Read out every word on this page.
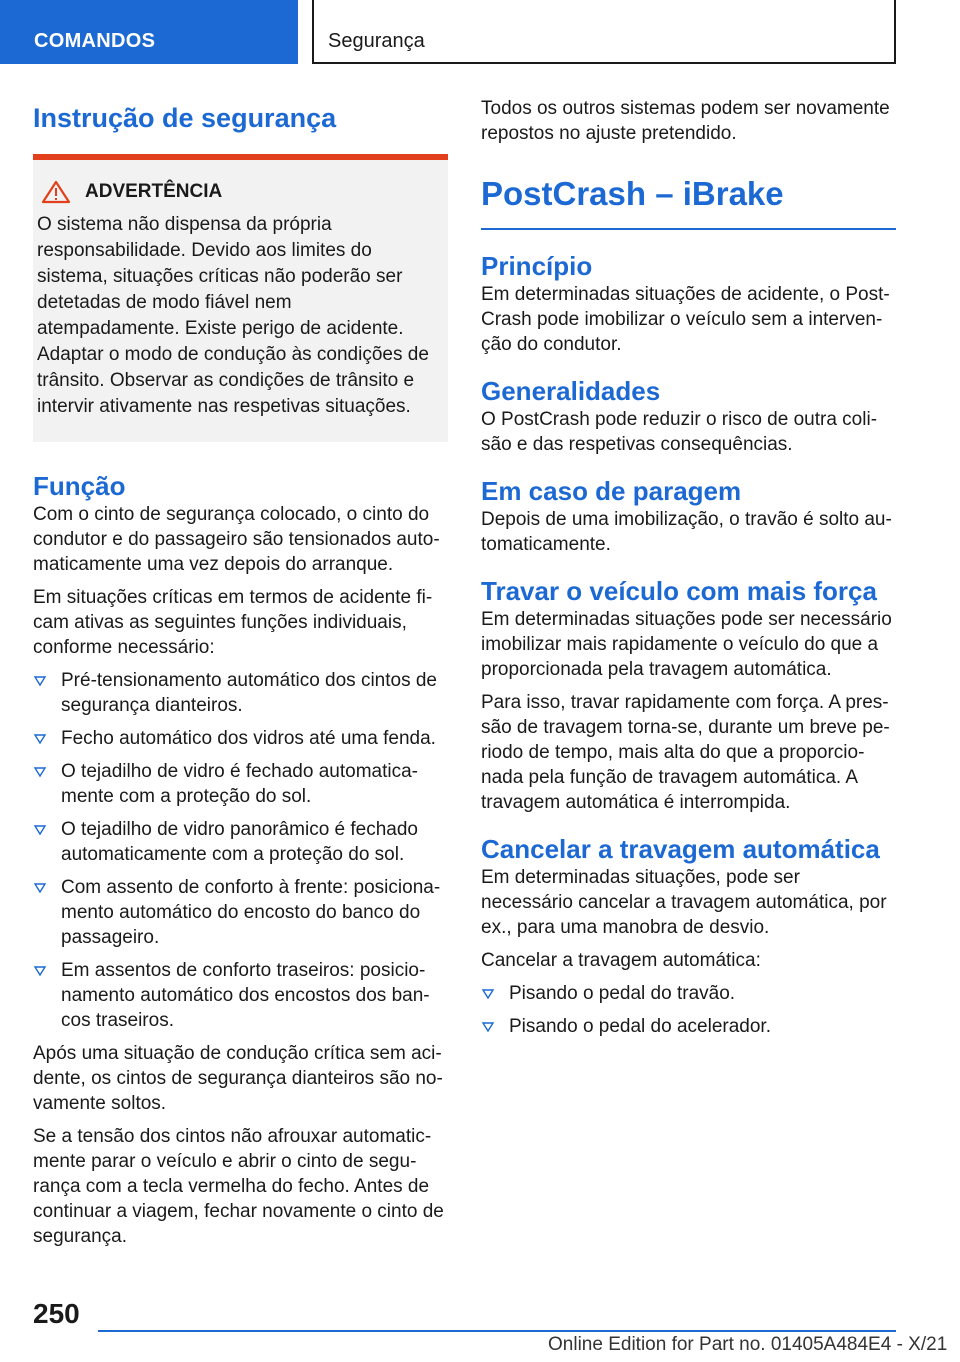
COMANDOS	Segurança
Instrução de segurança
ADVERTÊNCIA
O sistema não dispensa da própria responsabilidade. Devido aos limites do sistema, situações críticas não poderão ser detetadas de modo fiável nem atempadamente. Existe perigo de acidente. Adaptar o modo de condução às condições de trânsito. Observar as condições de trânsito e intervir ativamente nas respetivas situações.
Função

Com o cinto de segurança colocado, o cinto do condutor e do passageiro são tensionados automaticamente uma vez depois do arranque.

Em situações críticas em termos de acidente ficam ativas as seguintes funções individuais, conforme necessário:

Pré-tensionamento automático dos cintos de segurança dianteiros.
Fecho automático dos vidros até uma fenda.
O tejadilho de vidro é fechado automaticamente com a proteção do sol.
O tejadilho de vidro panorâmico é fechado automaticamente com a proteção do sol.
Com assento de conforto à frente: posicionamento automático do encosto do banco do passageiro.
Em assentos de conforto traseiros: posicionamento automático dos encostos dos bancos traseiros.

Após uma situação de condução crítica sem acidente, os cintos de segurança dianteiros são novamente soltos.

Se a tensão dos cintos não afrouxar automaticmente parar o veículo e abrir o cinto de segurança com a tecla vermelha do fecho. Antes de continuar a viagem, fechar novamente o cinto de segurança.

Todos os outros sistemas podem ser novamente repostos no ajuste pretendido.

PostCrash – iBrake
Princípio

Em determinadas situações de acidente, o PostCrash pode imobilizar o veículo sem a intervenção do condutor.

Generalidades

O PostCrash pode reduzir o risco de outra colisão e das respetivas consequências.

Em caso de paragem

Depois de uma imobilização, o travão é solto automaticamente.

Travar o veículo com mais força

Em determinadas situações pode ser necessário imobilizar mais rapidamente o veículo do que a proporcionada pela travagem automática.

Para isso, travar rapidamente com força. A pressão de travagem torna-se, durante um breve periodo de tempo, mais alta do que a proporcionada pela função de travagem automática. A travagem automática é interrompida.

Cancelar a travagem automática

Em determinadas situações, pode ser necessário cancelar a travagem automática, por ex., para uma manobra de desvio.

Cancelar a travagem automática:

Pisando o pedal do travão.
Pisando o pedal do acelerador.
250
Online Edition for Part no. 01405A484E4 - X/21
